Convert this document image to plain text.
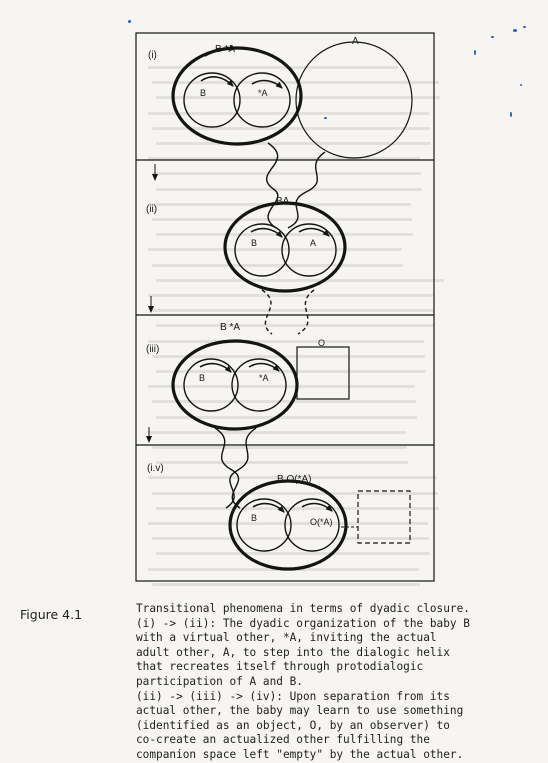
(i)
(ii)
(iii)
(i.v)
B *A
B	*A
A
BA
B	A
B *A
B	*A
O
B O(*A)
B	O(*A)
Figure 4.1	Transitional phenomena in terms of dyadic closure.
(i) -> (ii): The dyadic organization of the baby B
with a virtual other, *A, inviting the actual
adult other, A, to step into the dialogic helix
that recreates itself through protodialogic
participation of A and B.
(ii) -> (iii) -> (iv): Upon separation from its
actual other, the baby may learn to use something
(identified as an object, O, by an observer) to
co-create an actualized other fulfilling the
companion space left "empty" by the actual other.
